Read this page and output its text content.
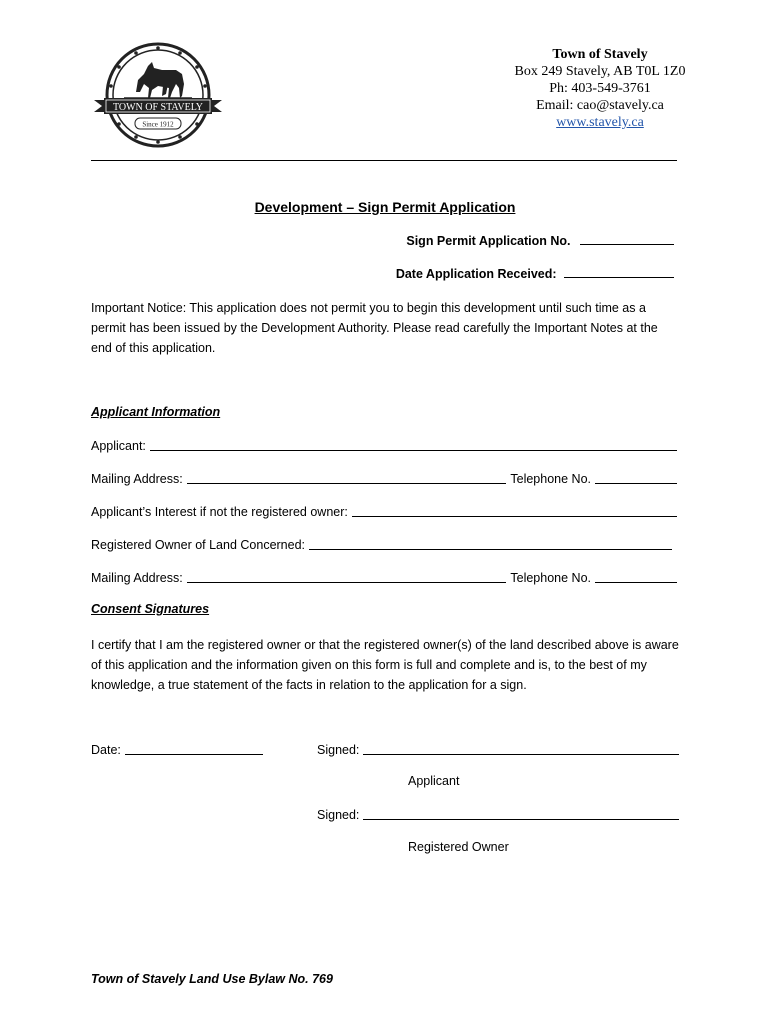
TOWN OF STAVELY
Since 1912
Town of Stavely
Box 249 Stavely, AB T0L 1Z0
Ph: 403-549-3761
Email: cao@stavely.ca
www.stavely.ca
Development – Sign Permit Application
Sign Permit Application No.
Date Application Received:
Important Notice: This application does not permit you to begin this development until such time as a permit has been issued by the Development Authority. Please read carefully the Important Notes at the end of this application.
Applicant Information
Applicant:
Mailing Address:	Telephone No.
Applicant’s Interest if not the registered owner:
Registered Owner of Land Concerned:
Mailing Address:	Telephone No.
Consent Signatures
I certify that I am the registered owner or that the registered owner(s) of the land described above is aware of this application and the information given on this form is full and complete and is, to the best of my knowledge, a true statement of the facts in relation to the application for a sign.
Date:	Signed:
Applicant
Signed:
Registered Owner
Town of Stavely Land Use Bylaw No. 769
